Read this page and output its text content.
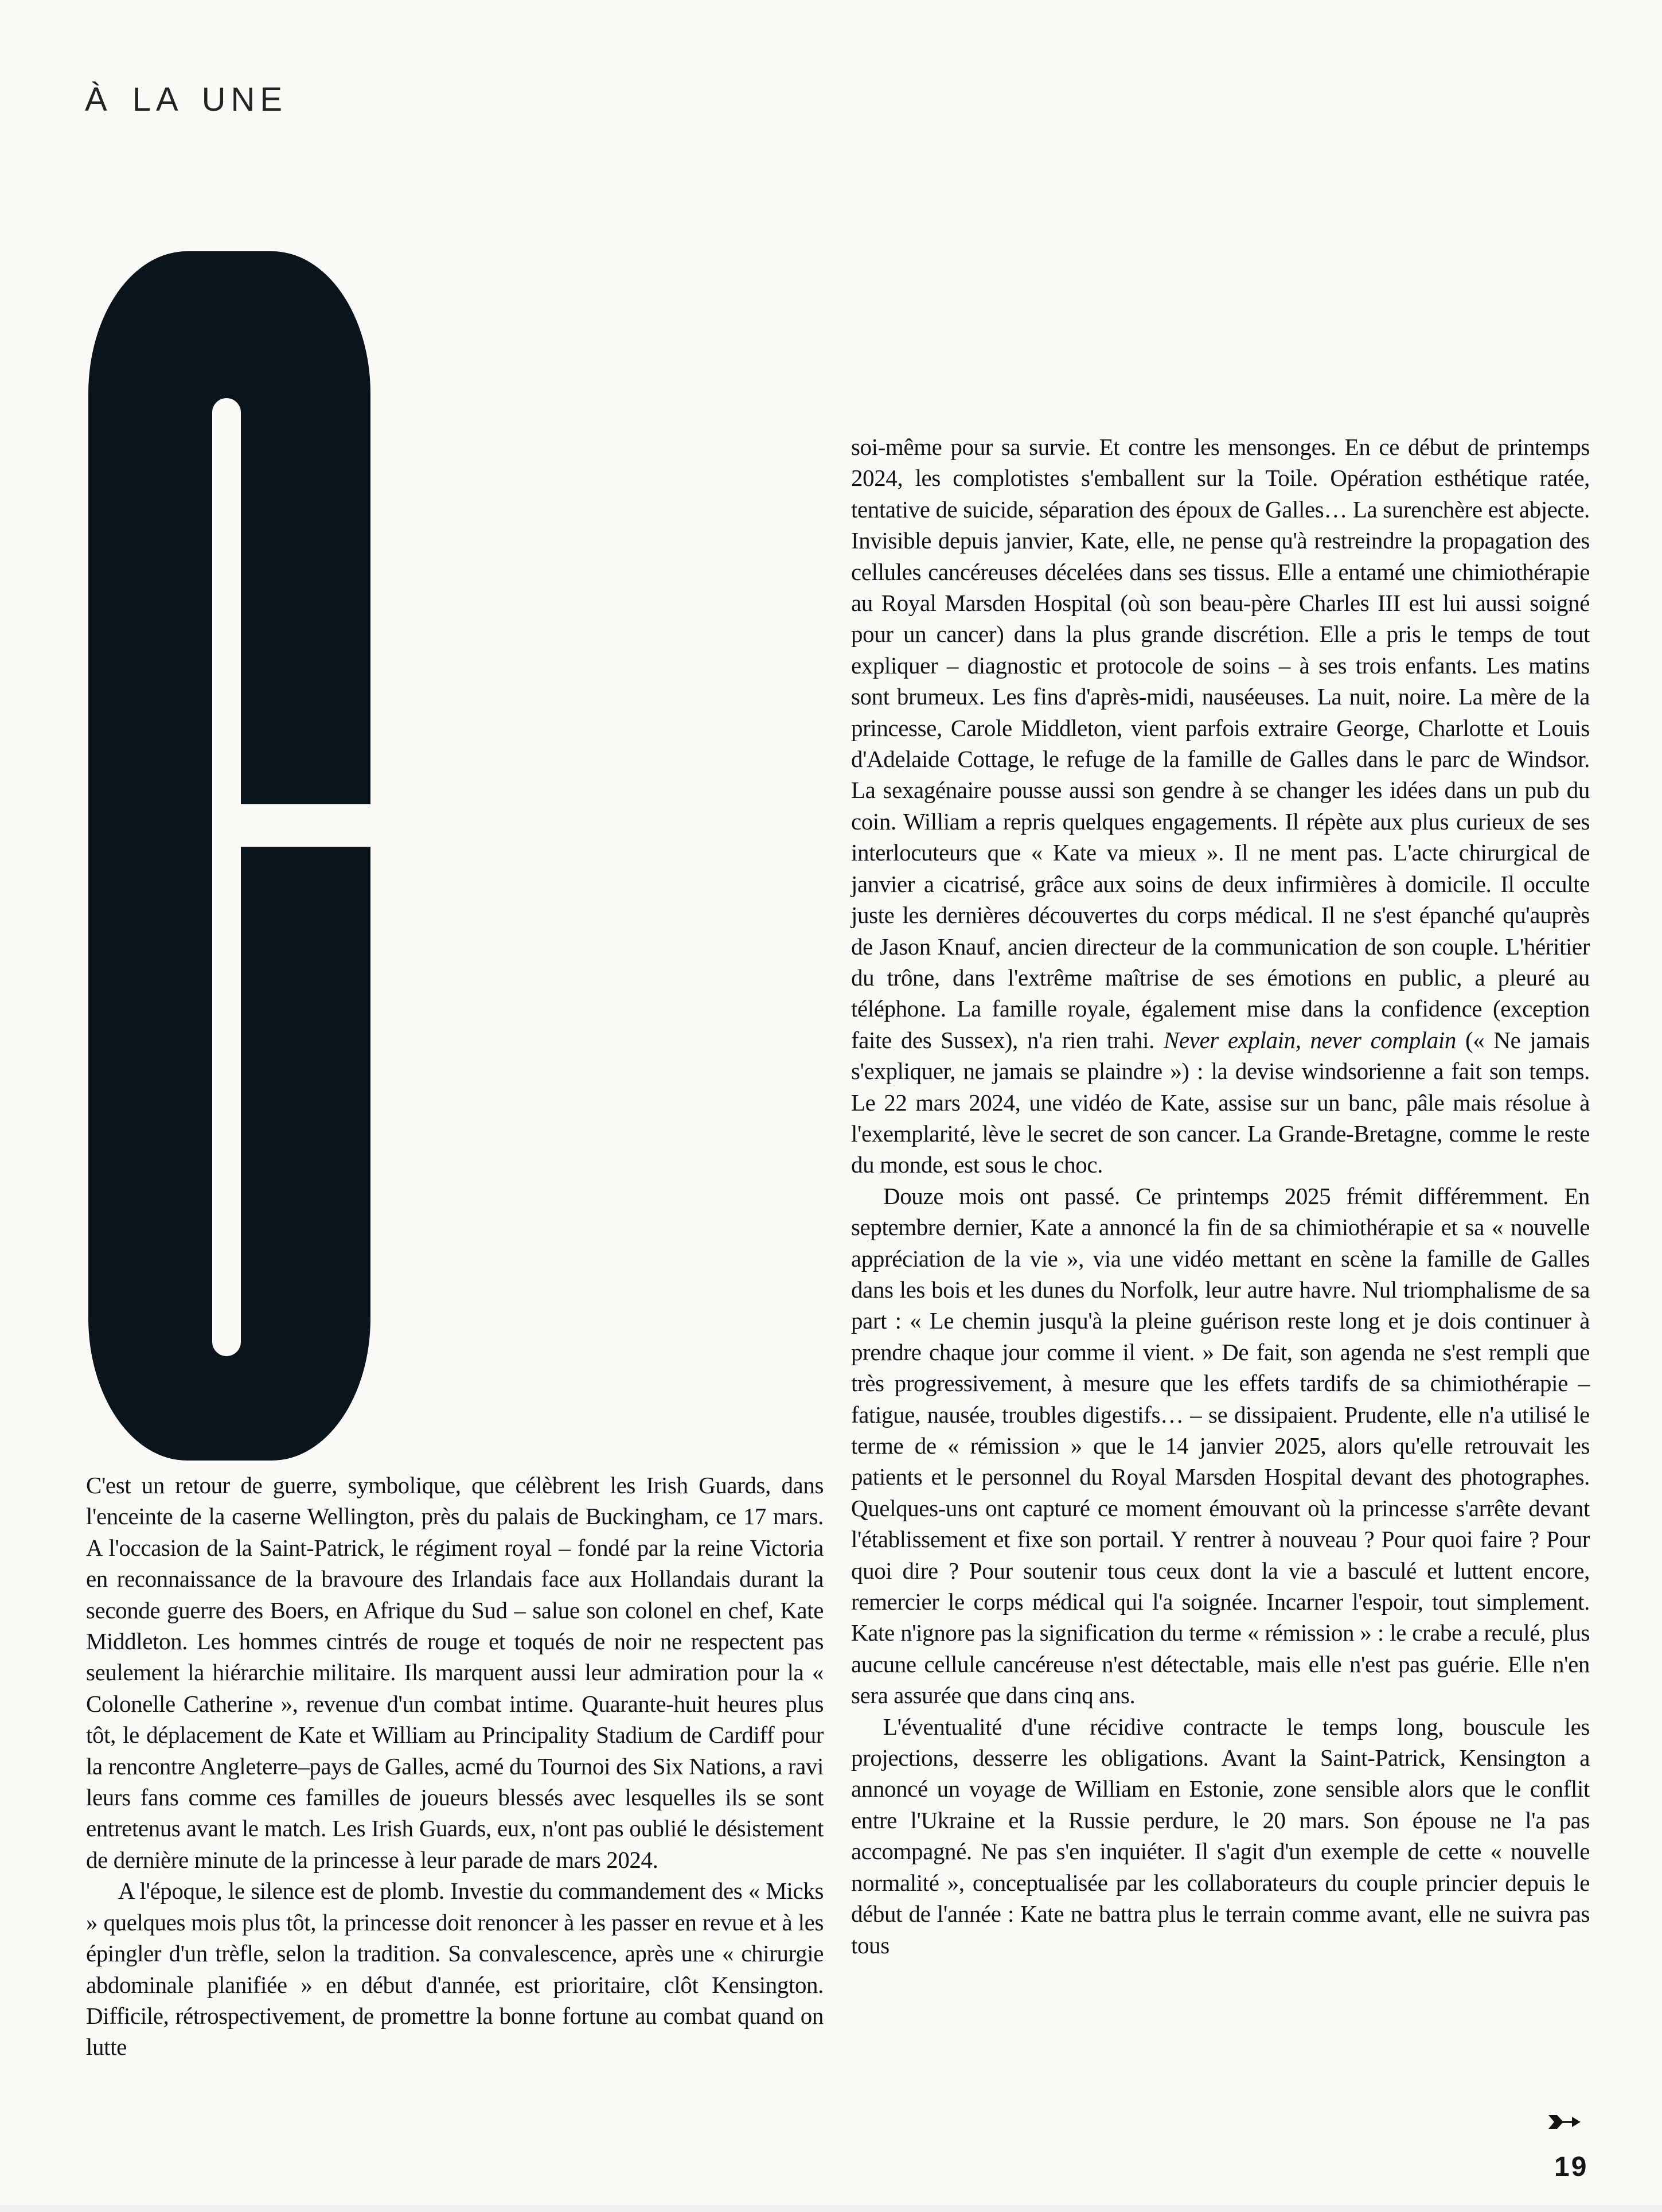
À LA UNE

C'est un retour de guerre, symbolique, que célèbrent les Irish Guards, dans l'enceinte de la caserne Wellington, près du palais de Buckingham, ce 17 mars. A l'occasion de la Saint-Patrick, le régiment royal – fondé par la reine Victoria en reconnaissance de la bravoure des Irlandais face aux Hollandais durant la seconde guerre des Boers, en Afrique du Sud – salue son colonel en chef, Kate Middleton. Les hommes cintrés de rouge et toqués de noir ne respectent pas seulement la hiérarchie militaire. Ils marquent aussi leur admiration pour la « Colonelle Catherine », revenue d'un combat intime. Quarante-huit heures plus tôt, le déplacement de Kate et William au Principality Stadium de Cardiff pour la rencontre Angleterre–pays de Galles, acmé du Tournoi des Six Nations, a ravi leurs fans comme ces familles de joueurs blessés avec lesquelles ils se sont entretenus avant le match. Les Irish Guards, eux, n'ont pas oublié le désistement de dernière minute de la princesse à leur parade de mars 2024.

A l'époque, le silence est de plomb. Investie du commandement des « Micks » quelques mois plus tôt, la princesse doit renoncer à les passer en revue et à les épingler d'un trèfle, selon la tradition. Sa convalescence, après une « chirurgie abdominale planifiée » en début d'année, est prioritaire, clôt Kensington. Difficile, rétrospectivement, de promettre la bonne fortune au combat quand on lutte

soi-même pour sa survie. Et contre les mensonges. En ce début de printemps 2024, les complotistes s'emballent sur la Toile. Opération esthétique ratée, tentative de suicide, séparation des époux de Galles… La surenchère est abjecte. Invisible depuis janvier, Kate, elle, ne pense qu'à restreindre la propagation des cellules cancéreuses décelées dans ses tissus. Elle a entamé une chimiothérapie au Royal Marsden Hospital (où son beau-père Charles III est lui aussi soigné pour un cancer) dans la plus grande discrétion. Elle a pris le temps de tout expliquer – diagnostic et protocole de soins – à ses trois enfants. Les matins sont brumeux. Les fins d'après-midi, nauséeuses. La nuit, noire. La mère de la princesse, Carole Middleton, vient parfois extraire George, Charlotte et Louis d'Adelaide Cottage, le refuge de la famille de Galles dans le parc de Windsor. La sexagénaire pousse aussi son gendre à se changer les idées dans un pub du coin. William a repris quelques engagements. Il répète aux plus curieux de ses interlocuteurs que « Kate va mieux ». Il ne ment pas. L'acte chirurgical de janvier a cicatrisé, grâce aux soins de deux infirmières à domicile. Il occulte juste les dernières découvertes du corps médical. Il ne s'est épanché qu'auprès de Jason Knauf, ancien directeur de la communication de son couple. L'héritier du trône, dans l'extrême maîtrise de ses émotions en public, a pleuré au téléphone. La famille royale, également mise dans la confidence (exception faite des Sussex), n'a rien trahi. Never explain, never complain (« Ne jamais s'expliquer, ne jamais se plaindre ») : la devise windsorienne a fait son temps. Le 22 mars 2024, une vidéo de Kate, assise sur un banc, pâle mais résolue à l'exemplarité, lève le secret de son cancer. La Grande-Bretagne, comme le reste du monde, est sous le choc.

Douze mois ont passé. Ce printemps 2025 frémit différemment. En septembre dernier, Kate a annoncé la fin de sa chimiothérapie et sa « nouvelle appréciation de la vie », via une vidéo mettant en scène la famille de Galles dans les bois et les dunes du Norfolk, leur autre havre. Nul triomphalisme de sa part : « Le chemin jusqu'à la pleine guérison reste long et je dois continuer à prendre chaque jour comme il vient. » De fait, son agenda ne s'est rempli que très progressivement, à mesure que les effets tardifs de sa chimiothérapie – fatigue, nausée, troubles digestifs… – se dissipaient. Prudente, elle n'a utilisé le terme de « rémission » que le 14 janvier 2025, alors qu'elle retrouvait les patients et le personnel du Royal Marsden Hospital devant des photographes. Quelques-uns ont capturé ce moment émouvant où la princesse s'arrête devant l'établissement et fixe son portail. Y rentrer à nouveau ? Pour quoi faire ? Pour quoi dire ? Pour soutenir tous ceux dont la vie a basculé et luttent encore, remercier le corps médical qui l'a soignée. Incarner l'espoir, tout simplement. Kate n'ignore pas la signification du terme « rémission » : le crabe a reculé, plus aucune cellule cancéreuse n'est détectable, mais elle n'est pas guérie. Elle n'en sera assurée que dans cinq ans.

L'éventualité d'une récidive contracte le temps long, bouscule les projections, desserre les obligations. Avant la Saint-Patrick, Kensington a annoncé un voyage de William en Estonie, zone sensible alors que le conflit entre l'Ukraine et la Russie perdure, le 20 mars. Son épouse ne l'a pas accompagné. Ne pas s'en inquiéter. Il s'agit d'un exemple de cette « nouvelle normalité », conceptualisée par les collaborateurs du couple princier depuis le début de l'année : Kate ne battra plus le terrain comme avant, elle ne suivra pas tous

19
